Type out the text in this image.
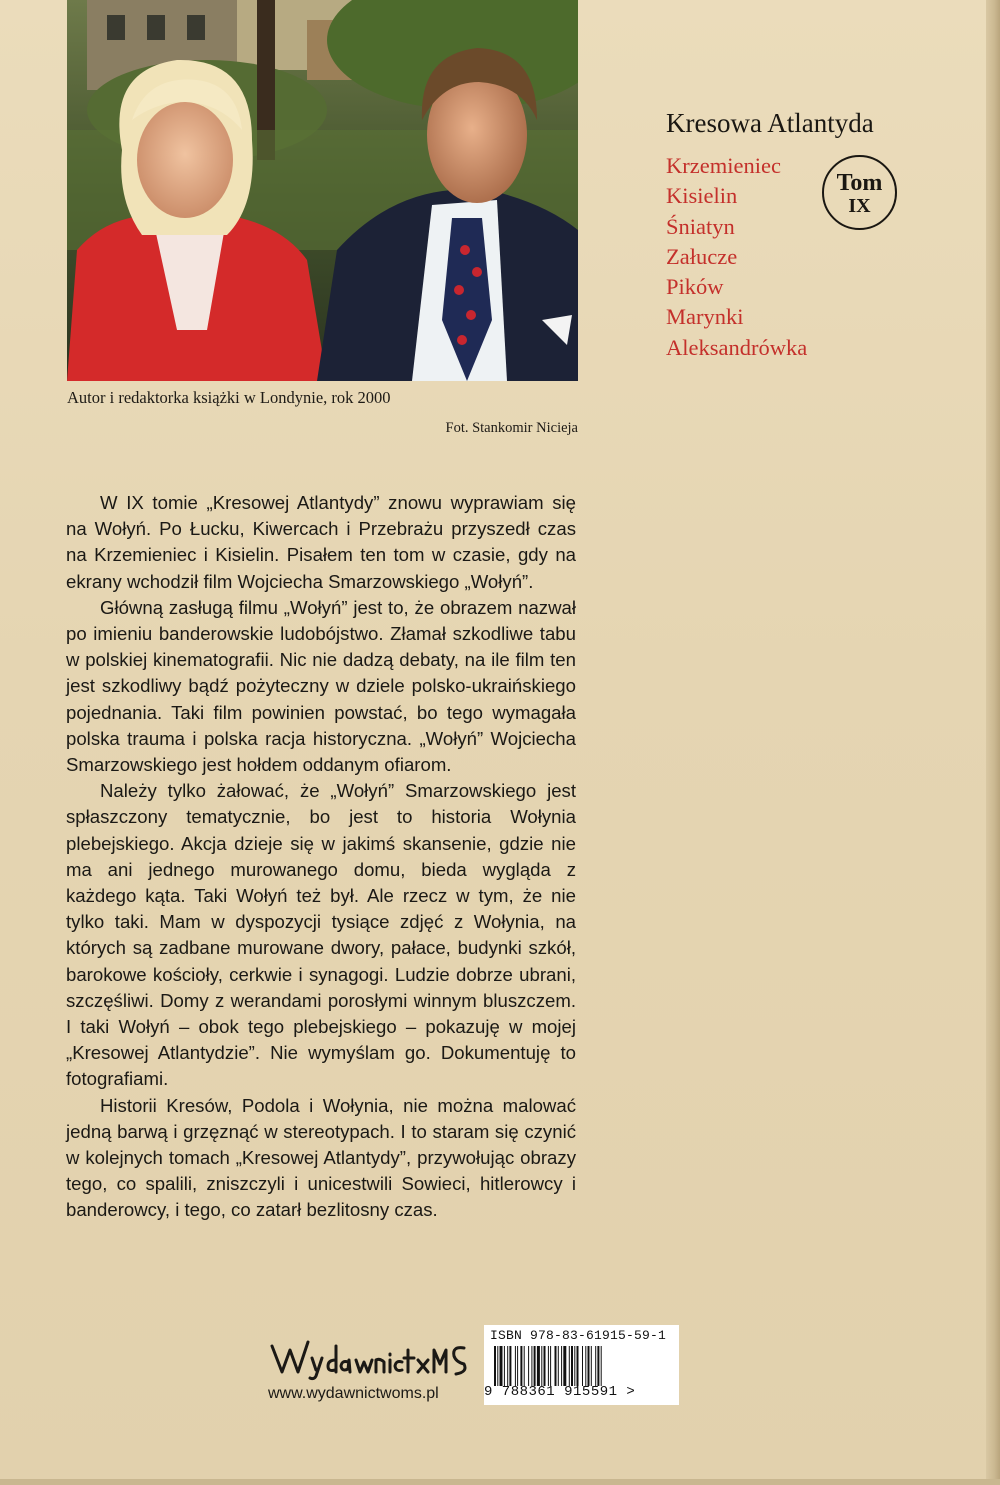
Autor i redaktorka książki w Londynie, rok 2000
Fot. Stankomir Nicieja
Kresowa Atlantyda
Krzemieniec
Kisielin
Śniatyn
Załucze
Pików
Marynki
Aleksandrówka
Tom
IX

W IX tomie „Kresowej Atlantydy” znowu wyprawiam się na Wołyń. Po Łucku, Kiwercach i Przebrażu przyszedł czas na Krzemieniec i Kisielin. Pisałem ten tom w czasie, gdy na ekrany wchodził film Wojciecha Smarzowskiego „Wołyń”.

Główną zasługą filmu „Wołyń” jest to, że obrazem nazwał po imieniu banderowskie ludobójstwo. Złamał szkodliwe tabu w polskiej kinematografii. Nic nie dadzą debaty, na ile film ten jest szkodliwy bądź pożyteczny w dziele polsko-ukraińskiego pojednania. Taki film powinien powstać, bo tego wymagała polska trauma i polska racja historyczna. „Wołyń” Wojciecha Smarzowskiego jest hołdem oddanym ofiarom.

Należy tylko żałować, że „Wołyń” Smarzowskiego jest spłaszczony tematycznie, bo jest to historia Wołynia plebejskiego. Akcja dzieje się w jakimś skansenie, gdzie nie ma ani jednego murowanego domu, bieda wygląda z każdego kąta. Taki Wołyń też był. Ale rzecz w tym, że nie tylko taki. Mam w dyspozycji tysiące zdjęć z Wołynia, na których są zadbane murowane dwory, pałace, budynki szkół, barokowe kościoły, cerkwie i synagogi. Ludzie dobrze ubrani, szczęśliwi. Domy z werandami porosłymi winnym bluszczem. I taki Wołyń – obok tego plebejskiego – pokazuję w mojej „Kresowej Atlantydzie”. Nie wymyślam go. Dokumentuję to fotografiami.

Historii Kresów, Podola i Wołynia, nie można malować jedną barwą i grzęznąć w stereotypach. I to staram się czynić w kolejnych tomach „Kresowej Atlantydy”, przywołując obrazy tego, co spalili, zniszczyli i unicestwili Sowieci, hitlerowcy i banderowcy, i tego, co zatarł bezlitosny czas.

www.wydawnictwoms.pl
ISBN 978-83-61915-59-1
9 788361 915591 >
